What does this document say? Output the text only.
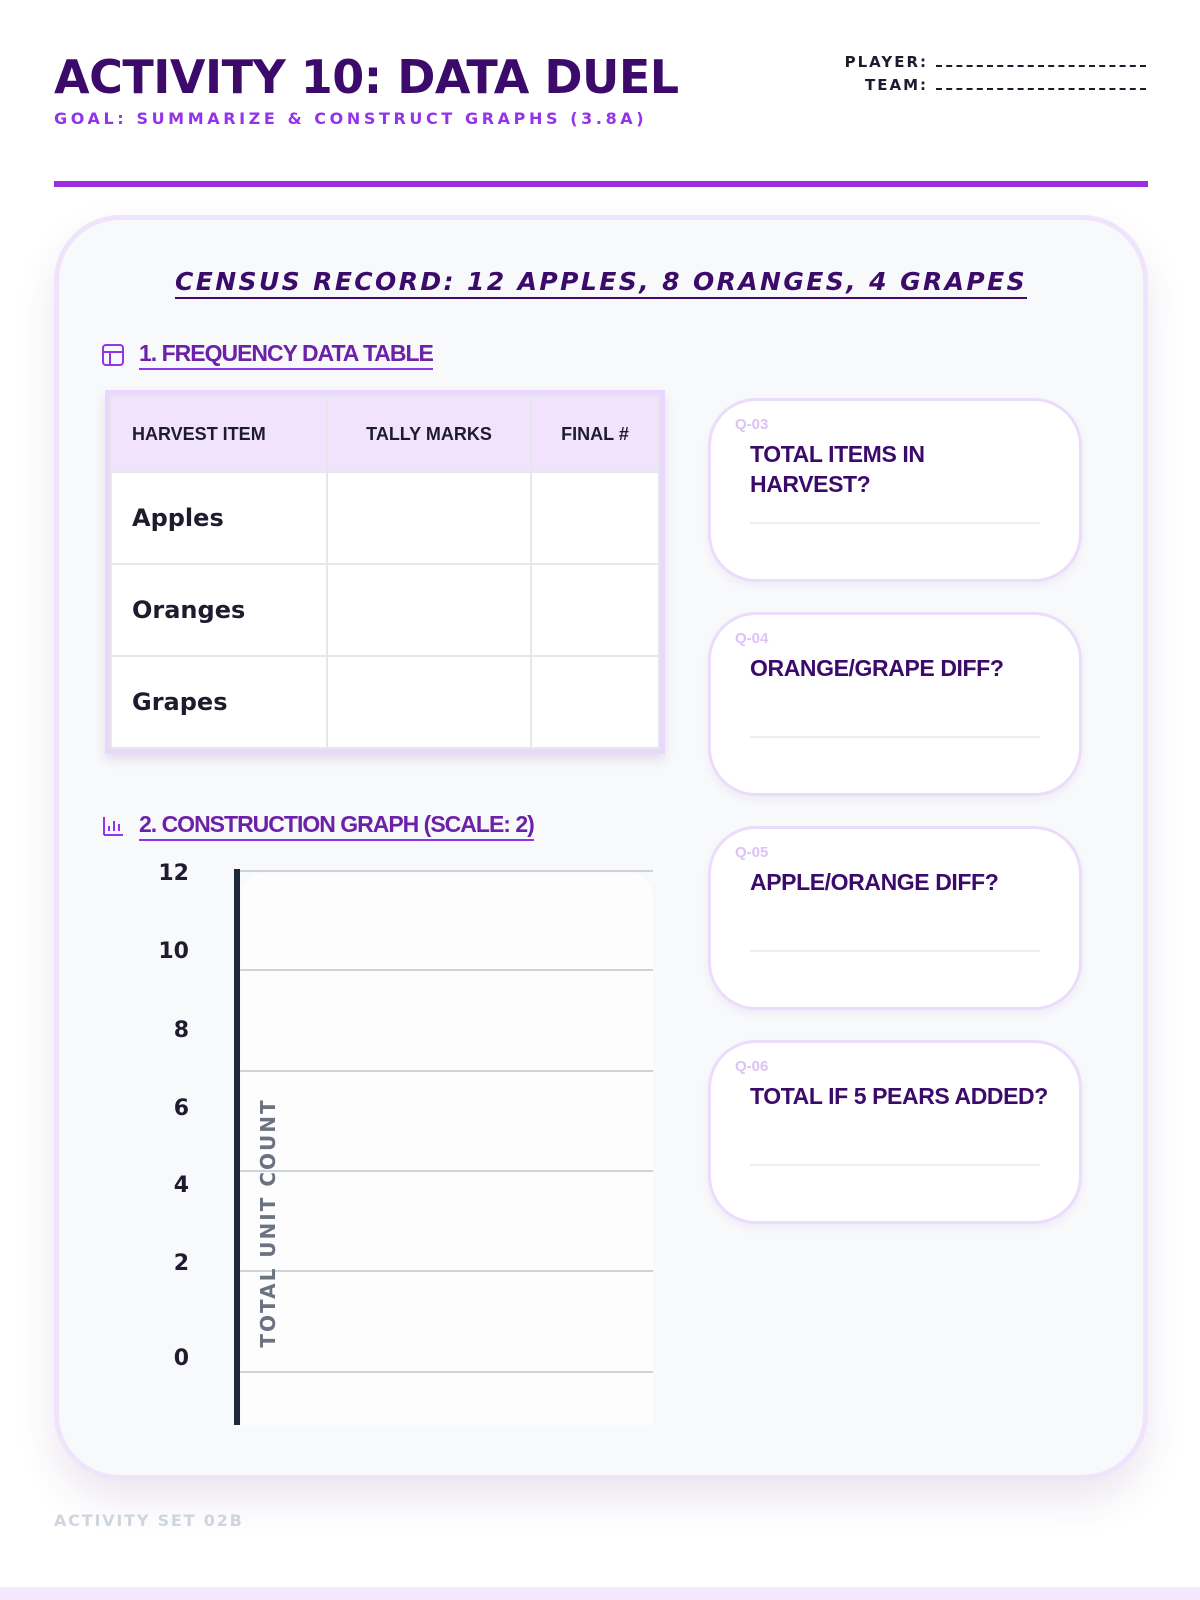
ACTIVITY 10: DATA DUEL
GOAL: SUMMARIZE & CONSTRUCT GRAPHS (3.8A)
PLAYER:
TEAM:
CENSUS RECORD: 12 APPLES, 8 ORANGES, 4 GRAPES
1. FREQUENCY DATA TABLE
HARVEST ITEM	TALLY MARKS	FINAL #
Apples		
Oranges		
Grapes		
2. CONSTRUCTION GRAPH (SCALE: 2)
12
10
8
6
4
2
0
TOTAL UNIT COUNT
Q-03
TOTAL ITEMS IN HARVEST?
Q-04
ORANGE/GRAPE DIFF?
Q-05
APPLE/ORANGE DIFF?
Q-06
TOTAL IF 5 PEARS ADDED?
ACTIVITY SET 02B
